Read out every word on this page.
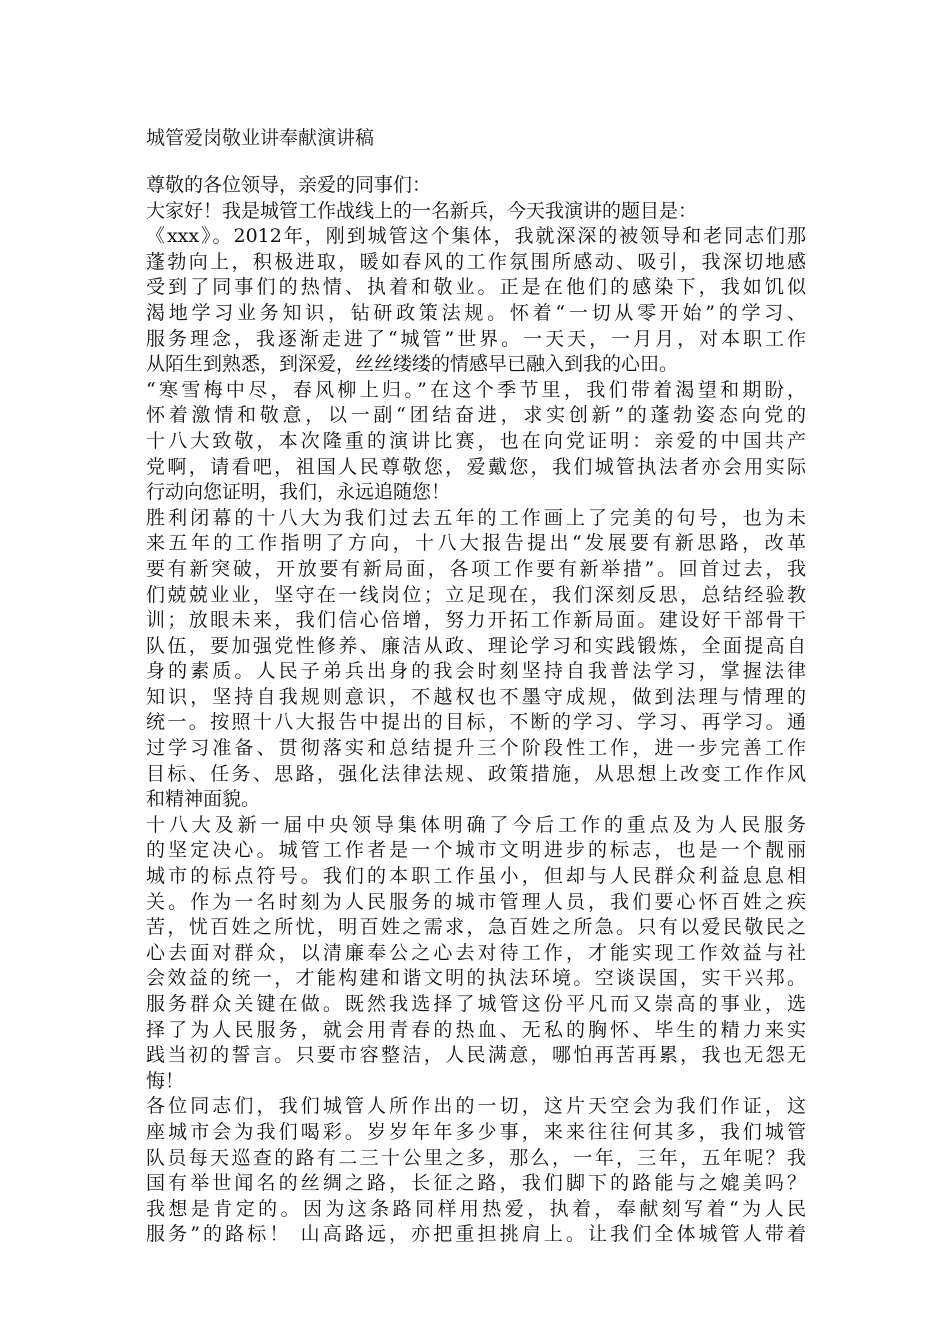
城管爱岗敬业讲奉献演讲稿
尊敬的各位领导，亲爱的同事们：
大家好！我是城管工作战线上的一名新兵，今天我演讲的题目是：
《xxx》。2012年，刚到城管这个集体，我就深深的被领导和老同志们那
蓬勃向上，积极进取，暖如春风的工作氛围所感动、吸引，我深切地感
受到了同事们的热情、执着和敬业。正是在他们的感染下，我如饥似
渴地学习业务知识，钻研政策法规。怀着“一切从零开始”的学习、
服务理念，我逐渐走进了“城管”世界。一天天，一月月，对本职工作
从陌生到熟悉，到深爱，丝丝缕缕的情感早已融入到我的心田。
“寒雪梅中尽，春风柳上归。”在这个季节里，我们带着渴望和期盼，
怀着激情和敬意，以一副“团结奋进，求实创新”的蓬勃姿态向党的
十八大致敬，本次隆重的演讲比赛，也在向党证明：亲爱的中国共产
党啊，请看吧，祖国人民尊敬您，爱戴您，我们城管执法者亦会用实际
行动向您证明，我们，永远追随您！
胜利闭幕的十八大为我们过去五年的工作画上了完美的句号，也为未
来五年的工作指明了方向，十八大报告提出“发展要有新思路，改革
要有新突破，开放要有新局面，各项工作要有新举措”。回首过去，我
们兢兢业业，坚守在一线岗位；立足现在，我们深刻反思，总结经验教
训；放眼未来，我们信心倍增，努力开拓工作新局面。建设好干部骨干
队伍，要加强党性修养、廉洁从政、理论学习和实践锻炼，全面提高自
身的素质。人民子弟兵出身的我会时刻坚持自我普法学习，掌握法律
知识，坚持自我规则意识，不越权也不墨守成规，做到法理与情理的
统一。按照十八大报告中提出的目标，不断的学习、学习、再学习。通
过学习准备、贯彻落实和总结提升三个阶段性工作，进一步完善工作
目标、任务、思路，强化法律法规、政策措施，从思想上改变工作作风
和精神面貌。
十八大及新一届中央领导集体明确了今后工作的重点及为人民服务
的坚定决心。城管工作者是一个城市文明进步的标志，也是一个靓丽
城市的标点符号。我们的本职工作虽小，但却与人民群众利益息息相
关。作为一名时刻为人民服务的城市管理人员，我们要心怀百姓之疾
苦，忧百姓之所忧，明百姓之需求，急百姓之所急。只有以爱民敬民之
心去面对群众，以清廉奉公之心去对待工作，才能实现工作效益与社
会效益的统一，才能构建和谐文明的执法环境。空谈误国，实干兴邦。
服务群众关键在做。既然我选择了城管这份平凡而又崇高的事业，选
择了为人民服务，就会用青春的热血、无私的胸怀、毕生的精力来实
践当初的誓言。只要市容整洁，人民满意，哪怕再苦再累，我也无怨无
悔！
各位同志们，我们城管人所作出的一切，这片天空会为我们作证，这
座城市会为我们喝彩。岁岁年年多少事，来来往往何其多，我们城管
队员每天巡查的路有二三十公里之多，那么，一年，三年，五年呢？我
国有举世闻名的丝绸之路，长征之路，我们脚下的路能与之媲美吗？
我想是肯定的。因为这条路同样用热爱，执着，奉献刻写着“为人民
服务”的路标！ 山高路远，亦把重担挑肩上。让我们全体城管人带着
